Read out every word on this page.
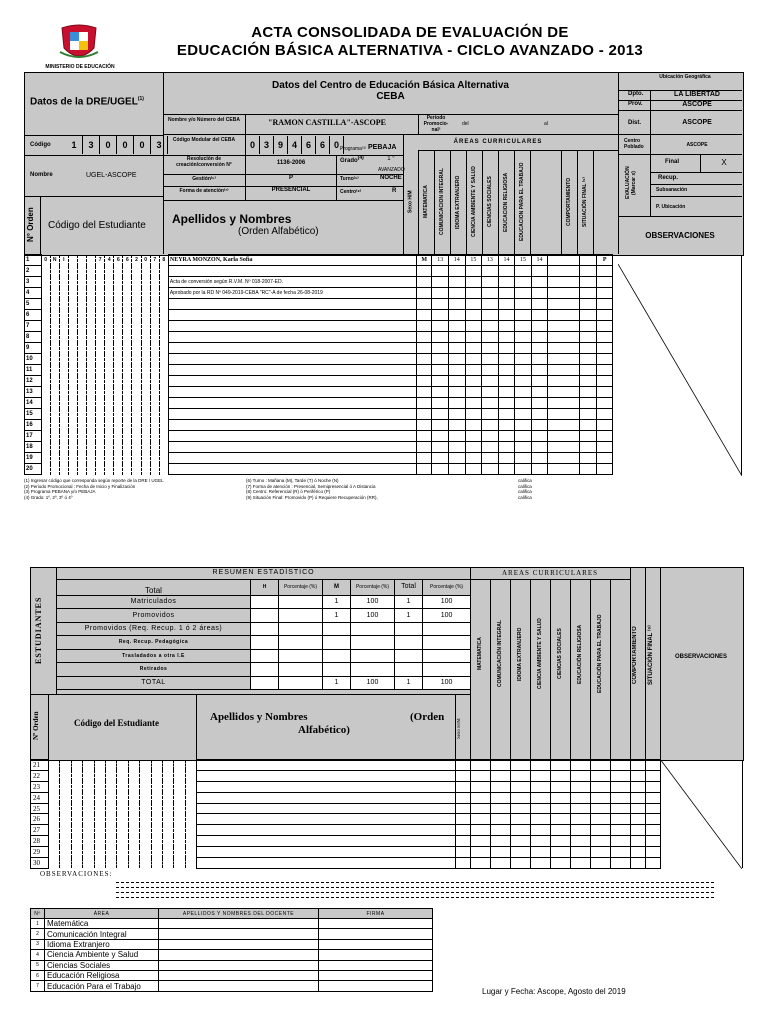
MINISTERIO DE EDUCACIÓN
ACTA CONSOLIDADA DE EVALUACIÓN DE
EDUCACIÓN BÁSICA ALTERNATIVA - CICLO AVANZADO - 2013
Datos de la DRE/UGEL$^{(1)}$
Código	1	3	0	0	0	3
Nombre	UGEL-ASCOPE
N° Orden	Código del Estudiante
Datos del Centro de Educación Básica Alternativa
CEBA
Nombre y/o Número del CEBA	"RAMON CASTILLA"-ASCOPE	Periodo Promocio-nal²
del	al
Código Modular del CEBA	0 3 9 4 6 6 0 Programa⁽³⁾ PEBAJA
Resolución de creación/conversión N°	1136-2006	Grado$^{(4)}$	1 °
AVANZADO
Gestión⁽⁵⁾	P	Turno⁽⁶⁾	NOCHE
Forma de atención⁽⁷⁾	PRESENCIAL	Centro⁽⁸⁾	R
Apellidos y Nombres
(Orden Alfabético)
ÁREAS CURRICULARES
Sexo H/M	MATEMATICA	COMUNICACION INTEGRAL	IDIOMA EXTRANJERO	CIENCIA AMBIENTE Y SALUD	CIENCIAS SOCIALES	EDUCACION RELIGIOSA	EDUCACION PARA EL TRABAJO	COMPORTAMIENTO	SITUACIÓN FINAL ⁽⁹⁾
Ubicación Geográfica
Dpto.	LA LIBERTAD
Prov.	ASCOPE
Dist.	ASCOPE
Centro Poblado	ASCOPE
EVALUACIÓN (Marcar x)
Final	X
Recup.
Subsanación
P. Ubicación
OBSERVACIONES
1	0	N	I				7	4	6	6	2	0	7	8	NEYRA MONZON, Karla Sofia	M	13	14	15	13	14	15	14			P	
2																											
3															Acta de conversión según R.V.M. Nº 018-2007-ED.												
4															Aprobado por la RD Nº 049-2019-CEBA "RC"-A de fecha 26-08-2019												
5																											
6																											
7																											
8																											
9																											
10																											
11																											
12																											
13																											
14																											
15																											
16																											
17																											
18																											
19																											
20																											
(1) Ingresar código que corresponda según reporte de la DRE / UGEL
(2) Periodo Promocional : Fecha de Inicio y Finalización
(3) Programa PEBANA y/o PEBAJA
(4) Grado: 1º, 2º, 3º ó 4º
(6) Turno : Mañana (M), Tarde (T) ó Noche (N)
(7) Forma de atención : Presencial, Semipresencial ó A Distancia
(8) Centro: Referencial (R) ó Periférico (P)
(9) Situación Final: Promovido (P) ó Requiere Recuperación (RR),
califica
califica
califica
califica
ESTUDIANTES
RESUMEN ESTADÍSTICO						
Total	H	Porcentaje (%)	M	Porcentaje (%)	Total	Porcentaje (%)
Matriculados			1	100	1	100
Promovidos			1	100	1	100
Promovidos (Req. Recup. 1 ó 2 áreas)						
Req. Recup. Pedagógica						
Trasladados a otra I.E						
Retirados						
TOTAL			1	100	1	100
AREAS CURRICULARES
MATEMATICA	COMUNICACIÓN INTEGRAL	IDIOMA EXTRANJERO	CIENCIA AMBIENTE Y SALUD	CIENCIAS SOCIALES	EDUCACIÓN RELIGIOSA	EDUCACIÓN PARA EL TRABAJO	COMPORTAMIENTO	SITUACIÓN FINAL ⁽⁹⁾	OBSERVACIONES
Nº Orden	Código del Estudiante	Apellidos y Nombres	(Orden
Alfabético)	Sexo H/M
21																										
22																										
23																										
24																										
25																										
26																										
27																										
28																										
29																										
30																										
OBSERVACIONES:
Nº	ÁREA	APELLIDOS Y NOMBRES DEL DOCENTE	FIRMA
1	Matemática		
2	Comunicación Integral		
3	Idioma Extranjero		
4	Ciencia Ambiente y Salud		
5	Ciencias Sociales		
6	Educación Religiosa		
7	Educación Para el Trabajo		
Lugar y Fecha: Ascope, Agosto del 2019
